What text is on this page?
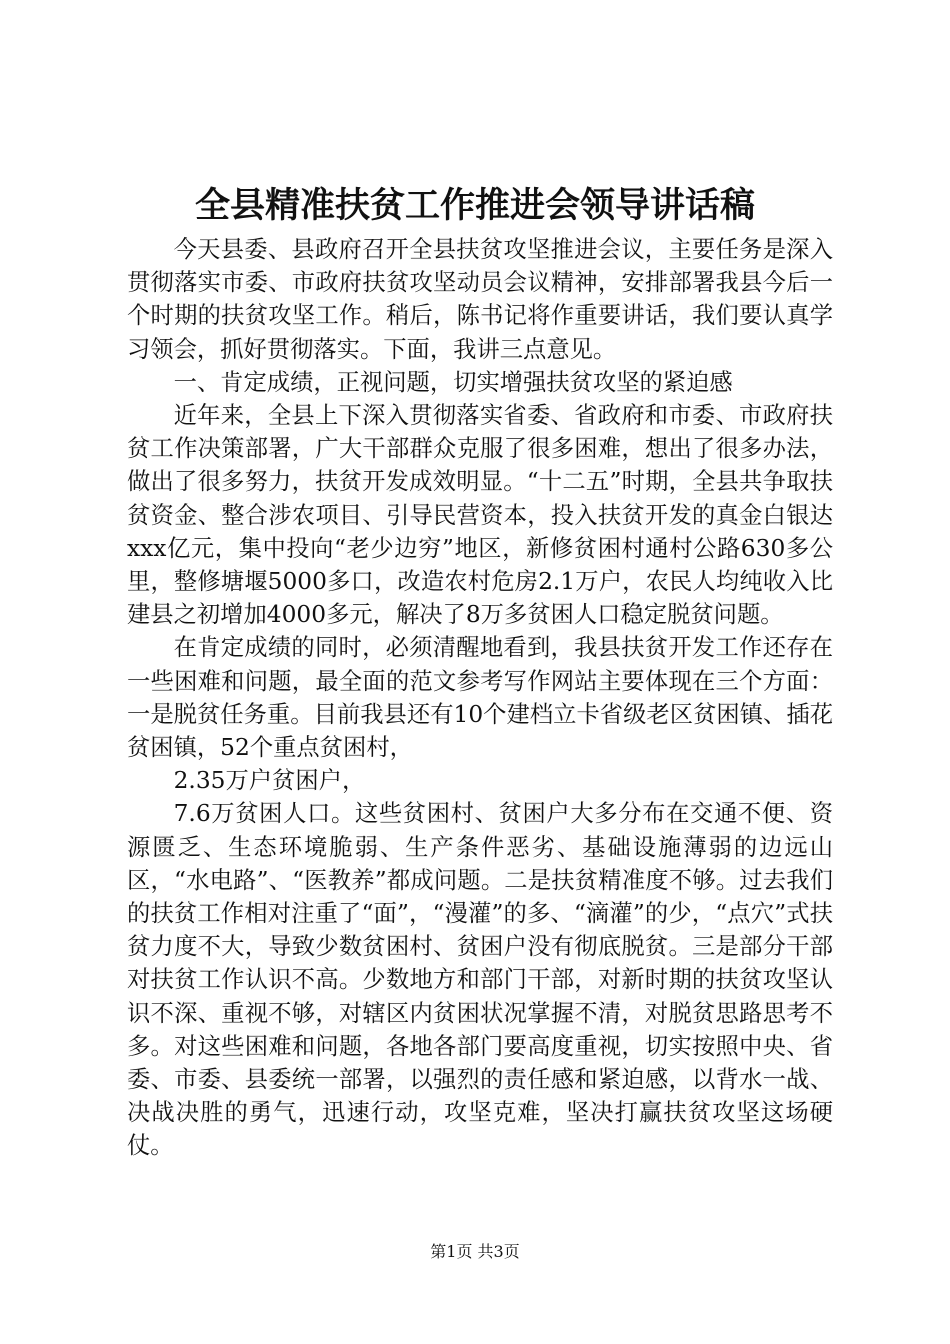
全县精准扶贫工作推进会领导讲话稿

今天县委、县政府召开全县扶贫攻坚推进会议，主要任务是深入贯彻落实市委、市政府扶贫攻坚动员会议精神，安排部署我县今后一个时期的扶贫攻坚工作。稍后，陈书记将作重要讲话，我们要认真学习领会，抓好贯彻落实。下面，我讲三点意见。

一、肯定成绩，正视问题，切实增强扶贫攻坚的紧迫感

近年来，全县上下深入贯彻落实省委、省政府和市委、市政府扶贫工作决策部署，广大干部群众克服了很多困难，想出了很多办法，做出了很多努力，扶贫开发成效明显。“十二五”时期，全县共争取扶贫资金、整合涉农项目、引导民营资本，投入扶贫开发的真金白银达xxx亿元，集中投向“老少边穷”地区，新修贫困村通村公路630多公里，整修塘堰5000多口，改造农村危房2.1万户，农民人均纯收入比建县之初增加4000多元，解决了8万多贫困人口稳定脱贫问题。

在肯定成绩的同时，必须清醒地看到，我县扶贫开发工作还存在一些困难和问题，最全面的范文参考写作网站主要体现在三个方面：一是脱贫任务重。目前我县还有10个建档立卡省级老区贫困镇、插花贫困镇，52个重点贫困村，

2.35万户贫困户，

7.6万贫困人口。这些贫困村、贫困户大多分布在交通不便、资源匮乏、生态环境脆弱、生产条件恶劣、基础设施薄弱的边远山区，“水电路”、“医教养”都成问题。二是扶贫精准度不够。过去我们的扶贫工作相对注重了“面”，“漫灌”的多、“滴灌”的少，“点穴”式扶贫力度不大，导致少数贫困村、贫困户没有彻底脱贫。三是部分干部对扶贫工作认识不高。少数地方和部门干部，对新时期的扶贫攻坚认识不深、重视不够，对辖区内贫困状况掌握不清，对脱贫思路思考不多。对这些困难和问题，各地各部门要高度重视，切实按照中央、省委、市委、县委统一部署，以强烈的责任感和紧迫感，以背水一战、决战决胜的勇气，迅速行动，攻坚克难，坚决打赢扶贫攻坚这场硬仗。

第1页 共3页
